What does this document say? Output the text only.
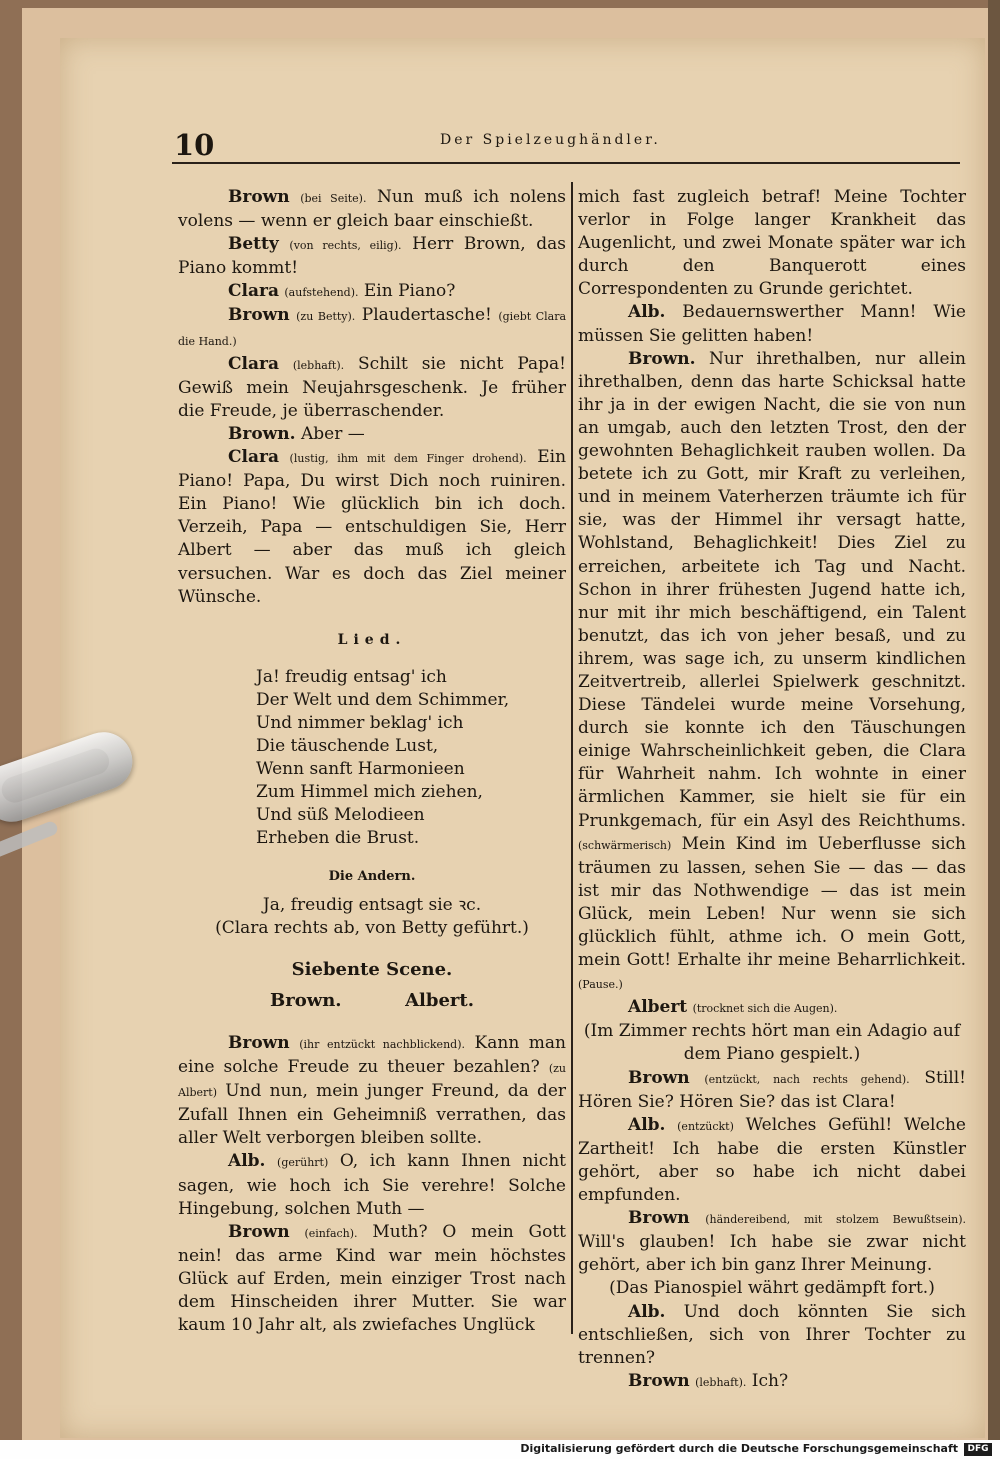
10	Der Spielzeughändler.

Brown (bei Seite). Nun muß ich nolens volens — wenn er gleich baar einschießt.

Betty (von rechts, eilig). Herr Brown, das Piano kommt!

Clara (aufstehend). Ein Piano?

Brown (zu Betty). Plaudertasche! (giebt Clara die Hand.)

Clara (lebhaft). Schilt sie nicht Papa! Gewiß mein Neujahrsgeschenk. Je früher die Freude, je überraschender.

Brown. Aber —

Clara (lustig, ihm mit dem Finger drohend). Ein Piano! Papa, Du wirst Dich noch ruiniren. Ein Piano! Wie glücklich bin ich doch. Verzeih, Papa — entschuldigen Sie, Herr Albert — aber das muß ich gleich versuchen. War es doch das Ziel meiner Wünsche.

Lied.

Ja! freudig entsag' ich

Der Welt und dem Schimmer,

Und nimmer beklag' ich

Die täuschende Lust,

Wenn sanft Harmonieen

Zum Himmel mich ziehen,

Und süß Melodieen

Erheben die Brust.

Die Andern.

Ja, freudig entsagt sie ꝛc.

(Clara rechts ab, von Betty geführt.)

Siebente Scene.

Brown.	Albert.

Brown (ihr entzückt nachblickend). Kann man eine solche Freude zu theuer bezahlen? (zu Albert) Und nun, mein junger Freund, da der Zufall Ihnen ein Geheimniß verrathen, das aller Welt verborgen bleiben sollte.

Alb. (gerührt) O, ich kann Ihnen nicht sagen, wie hoch ich Sie verehre! Solche Hingebung, solchen Muth —

Brown (einfach). Muth? O mein Gott nein! das arme Kind war mein höchstes Glück auf Erden, mein einziger Trost nach dem Hinscheiden ihrer Mutter. Sie war kaum 10 Jahr alt, als zwiefaches Unglück

mich fast zugleich betraf! Meine Tochter verlor in Folge langer Krankheit das Augenlicht, und zwei Monate später war ich durch den Banquerott eines Correspondenten zu Grunde gerichtet.

Alb. Bedauernswerther Mann! Wie müssen Sie gelitten haben!

Brown. Nur ihrethalben, nur allein ihrethalben, denn das harte Schicksal hatte ihr ja in der ewigen Nacht, die sie von nun an umgab, auch den letzten Trost, den der gewohnten Behaglichkeit rauben wollen. Da betete ich zu Gott, mir Kraft zu verleihen, und in meinem Vaterherzen träumte ich für sie, was der Himmel ihr versagt hatte, Wohlstand, Behaglichkeit! Dies Ziel zu erreichen, arbeitete ich Tag und Nacht. Schon in ihrer frühesten Jugend hatte ich, nur mit ihr mich beschäftigend, ein Talent benutzt, das ich von jeher besaß, und zu ihrem, was sage ich, zu unserm kindlichen Zeitvertreib, allerlei Spielwerk geschnitzt. Diese Tändelei wurde meine Vorsehung, durch sie konnte ich den Täuschungen einige Wahrscheinlichkeit geben, die Clara für Wahrheit nahm. Ich wohnte in einer ärmlichen Kammer, sie hielt sie für ein Prunkgemach, für ein Asyl des Reichthums. (schwärmerisch) Mein Kind im Ueberflusse sich träumen zu lassen, sehen Sie — das — das ist mir das Nothwendige — das ist mein Glück, mein Leben! Nur wenn sie sich glücklich fühlt, athme ich. O mein Gott, mein Gott! Erhalte ihr meine Beharrlichkeit. (Pause.)

Albert (trocknet sich die Augen).

(Im Zimmer rechts hört man ein Adagio auf dem Piano gespielt.)

Brown (entzückt, nach rechts gehend). Still! Hören Sie? Hören Sie? das ist Clara!

Alb. (entzückt) Welches Gefühl! Welche Zartheit! Ich habe die ersten Künstler gehört, aber so habe ich nicht dabei empfunden.

Brown (händereibend, mit stolzem Bewußtsein). Will's glauben! Ich habe sie zwar nicht gehört, aber ich bin ganz Ihrer Meinung.

(Das Pianospiel währt gedämpft fort.)

Alb. Und doch könnten Sie sich entschließen, sich von Ihrer Tochter zu trennen?

Brown (lebhaft). Ich?

Digitalisierung gefördert durch die Deutsche Forschungsgemeinschaft	DFG
